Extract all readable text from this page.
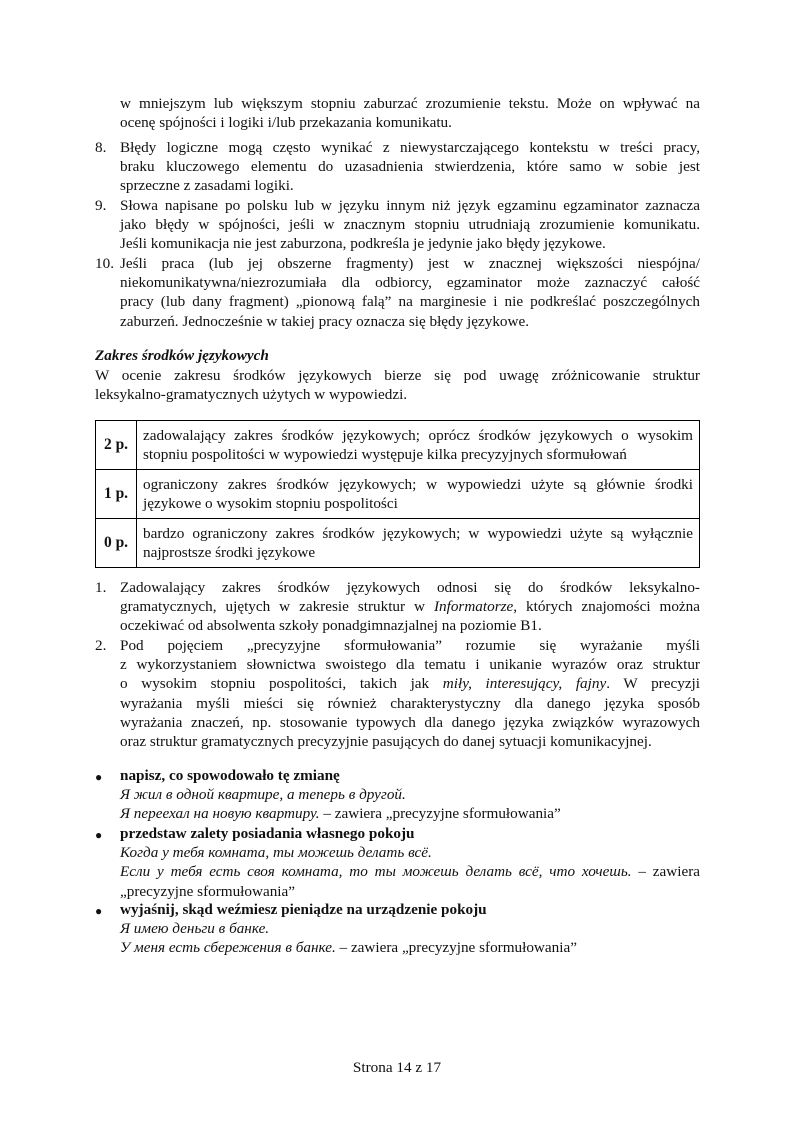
w mniejszym lub większym stopniu zaburzać zrozumienie tekstu. Może on wpływać na
ocenę spójności i logiki i/lub przekazania komunikatu.
8. Błędy logiczne mogą często wynikać z niewystarczającego kontekstu w treści pracy,
braku kluczowego elementu do uzasadnienia stwierdzenia, które samo w sobie jest
sprzeczne z zasadami logiki.
9. Słowa napisane po polsku lub w języku innym niż język egzaminu egzaminator zaznacza
jako błędy w spójności, jeśli w znacznym stopniu utrudniają zrozumienie komunikatu.
Jeśli komunikacja nie jest zaburzona, podkreśla je jedynie jako błędy językowe.
10. Jeśli praca (lub jej obszerne fragmenty) jest w znacznej większości niespójna/
niekomunikatywna/niezrozumiała dla odbiorcy, egzaminator może zaznaczyć całość
pracy (lub dany fragment) „pionową falą” na marginesie i nie podkreślać poszczególnych
zaburzeń. Jednocześnie w takiej pracy oznacza się błędy językowe.
Zakres środków językowych
W ocenie zakresu środków językowych bierze się pod uwagę zróżnicowanie struktur
leksykalno-gramatycznych użytych w wypowiedzi.
2 p.	zadowalający zakres środków językowych; oprócz środków językowych o wysokim
stopniu pospolitości w wypowiedzi występuje kilka precyzyjnych sformułowań

1 p.	ograniczony zakres środków językowych; w wypowiedzi użyte są głównie środki
językowe o wysokim stopniu pospolitości

0 p.	bardzo ograniczony zakres środków językowych; w wypowiedzi użyte są wyłącznie
najprostsze środki językowe
1. Zadowalający zakres środków językowych odnosi się do środków leksykalno-
gramatycznych, ujętych w zakresie struktur w Informatorze, których znajomości można
oczekiwać od absolwenta szkoły ponadgimnazjalnej na poziomie B1.
2. Pod pojęciem „precyzyjne sformułowania” rozumie się wyrażanie myśli
z wykorzystaniem słownictwa swoistego dla tematu i unikanie wyrazów oraz struktur
o wysokim stopniu pospolitości, takich jak miły, interesujący, fajny. W precyzji
wyrażania myśli mieści się również charakterystyczny dla danego języka sposób
wyrażania znaczeń, np. stosowanie typowych dla danego języka związków wyrazowych
oraz struktur gramatycznych precyzyjnie pasujących do danej sytuacji komunikacyjnej.
● napisz, co spowodowało tę zmianę
Я жил в одной квартире, а теперь в другой.
Я переехал на новую квартиру. – zawiera „precyzyjne sformułowania”
● przedstaw zalety posiadania własnego pokoju
Когда у тебя комната, ты можешь делать всё.
Если у тебя есть своя комната, то ты можешь делать всё, что хочешь. – zawiera
„precyzyjne sformułowania”
● wyjaśnij, skąd weźmiesz pieniądze na urządzenie pokoju
Я имею деньги в банке.
У меня есть сбережения в банке. – zawiera „precyzyjne sformułowania”
Strona 14 z 17
